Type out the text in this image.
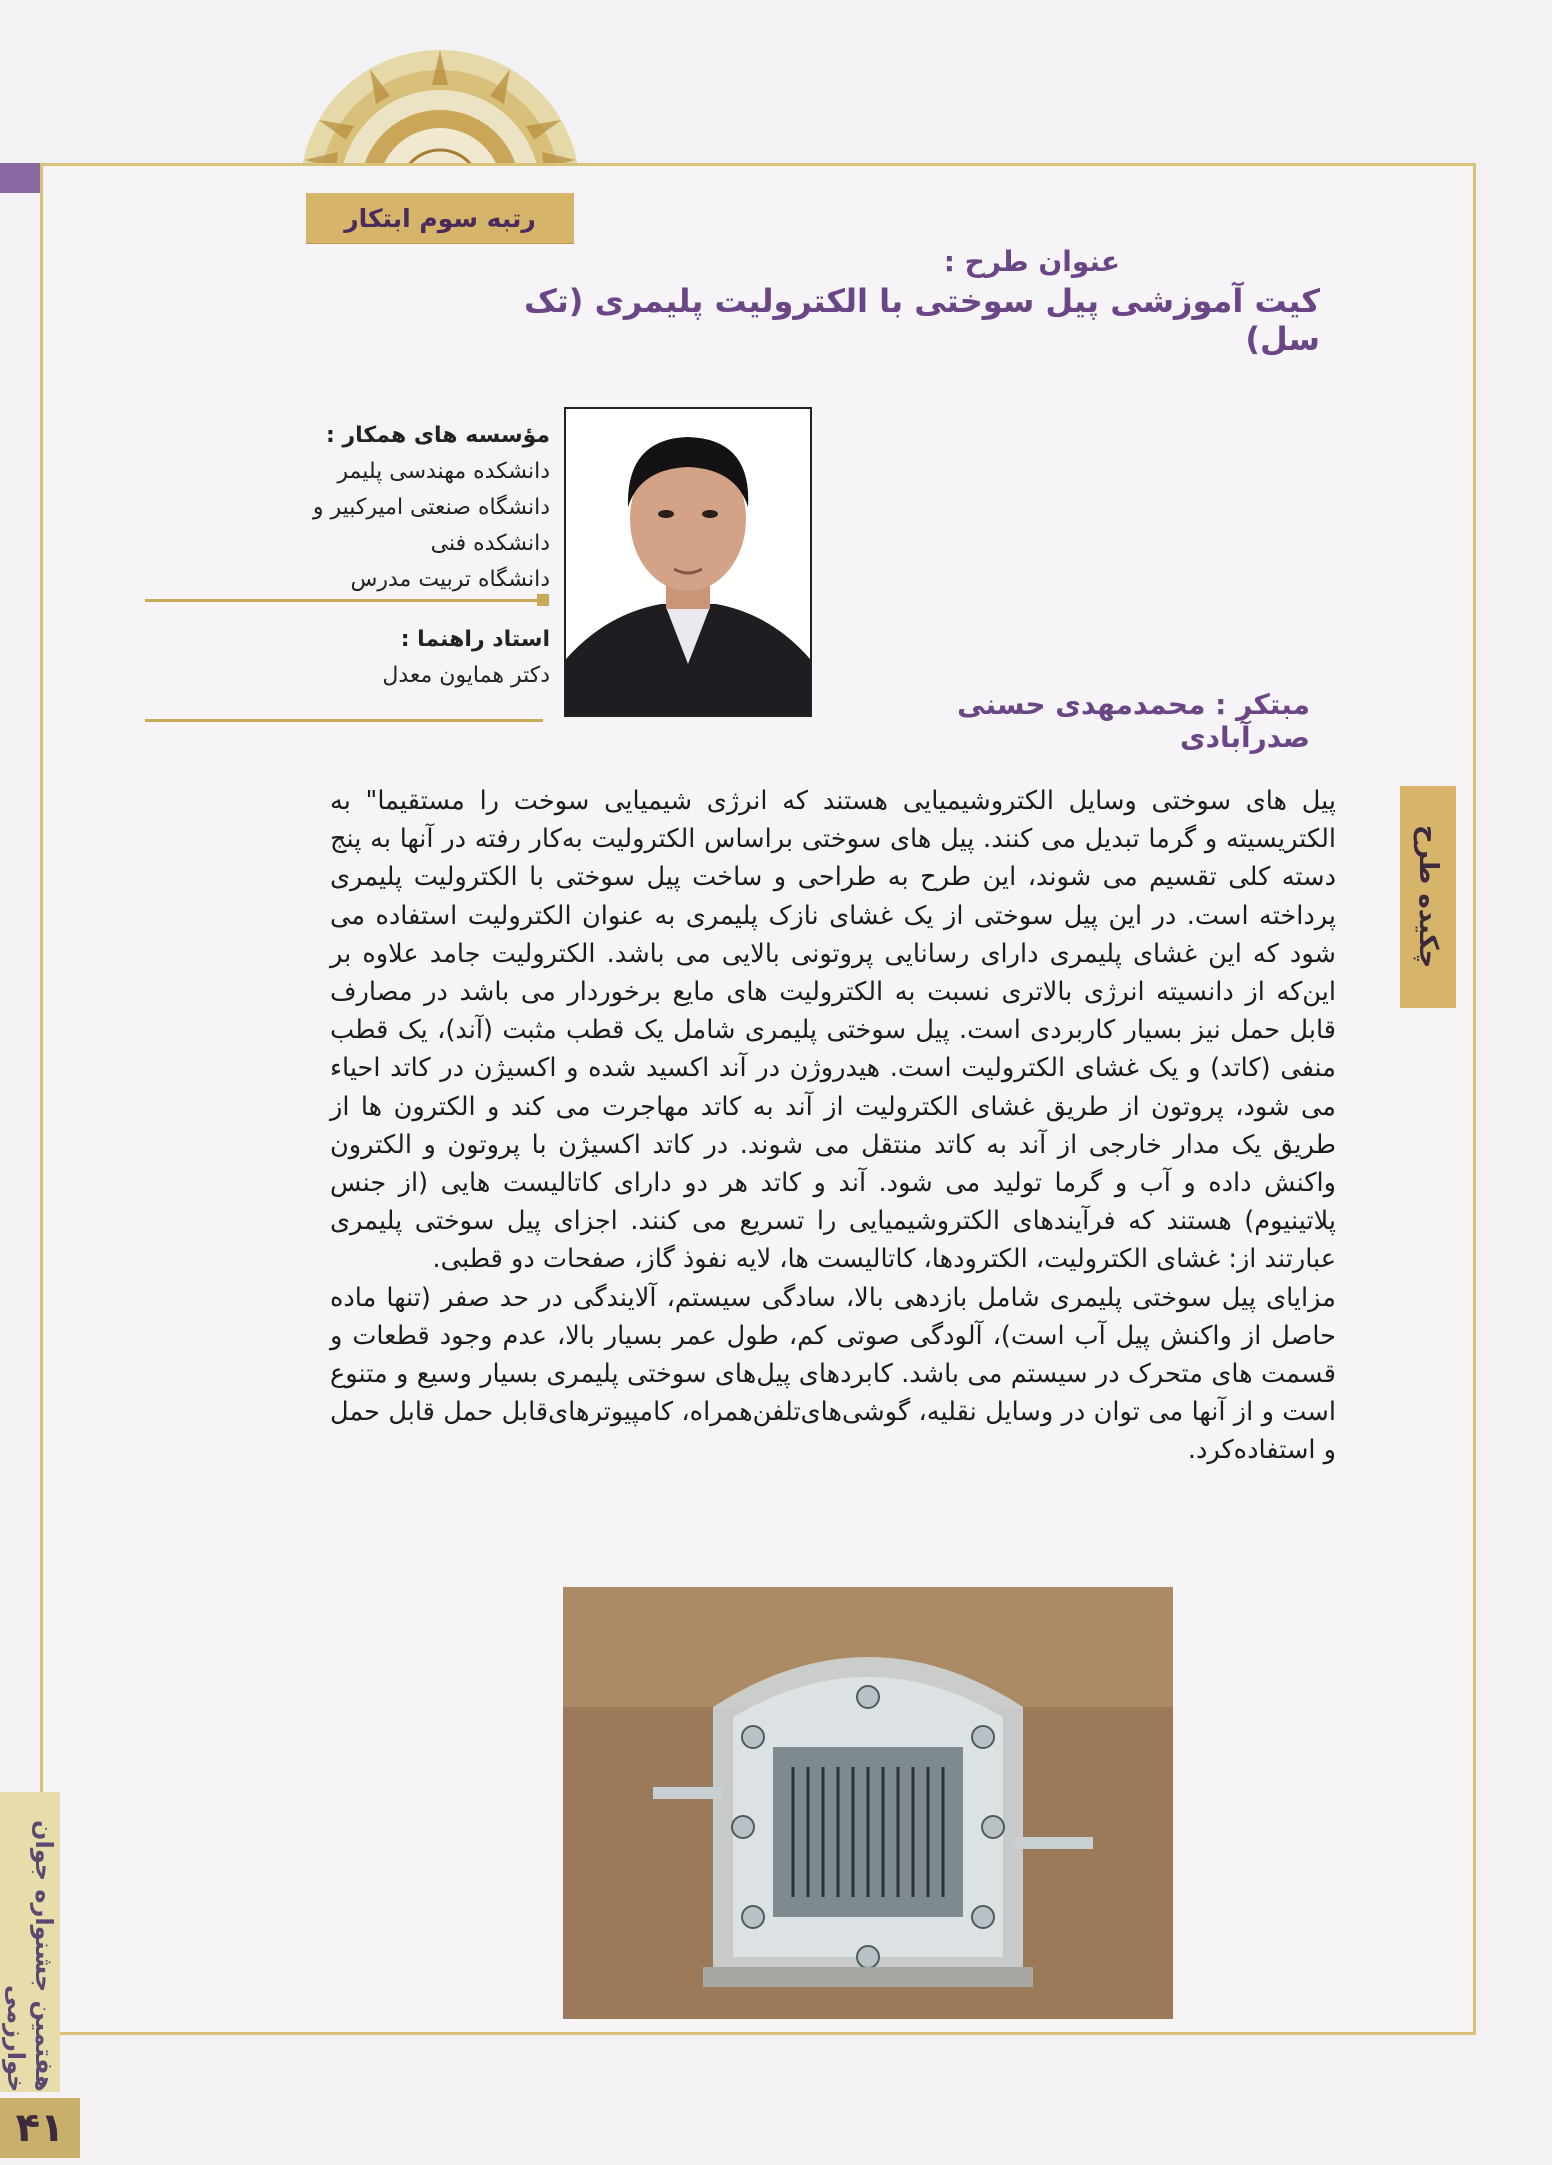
رتبه سوم ابتکار
عنوان طرح :
کیت آموزشی پیل سوختی با الکترولیت پلیمری (تک سل)
مؤسسه های همکار :
دانشکده مهندسی پلیمر
دانشگاه صنعتی امیرکبیر و دانشکده فنی
دانشگاه تربیت مدرس
استاد راهنما :
دکتر همایون معدل
مبتکر : محمدمهدی حسنی صدرآبادی
چکیده طرح

پیل های سوختی وسایل الکتروشیمیایی هستند که انرژی شیمیایی سوخت را مستقیما" به الکتریسیته و گرما تبدیل می کنند. پیل های سوختی براساس الکترولیت به‌کار رفته در آنها به پنج دسته کلی تقسیم می شوند، این طرح به طراحی و ساخت پیل سوختی با الکترولیت پلیمری پرداخته است. در این پیل سوختی از یک غشای نازک پلیمری به عنوان الکترولیت استفاده می شود که این غشای پلیمری دارای رسانایی پروتونی بالایی می باشد. الکترولیت جامد علاوه بر این‌که از دانسیته انرژی بالاتری نسبت به الکترولیت های مایع برخوردار می باشد در مصارف قابل حمل نیز بسیار کاربردی است. پیل سوختی پلیمری شامل یک قطب مثبت (آند)، یک قطب منفی (کاتد) و یک غشای الکترولیت است. هیدروژن در آند اکسید شده و اکسیژن در کاتد احیاء می شود، پروتون از طریق غشای الکترولیت از آند به کاتد مهاجرت می کند و الکترون ها از طریق یک مدار خارجی از آند به کاتد منتقل می شوند. در کاتد اکسیژن با پروتون و الکترون واکنش داده و آب و گرما تولید می شود. آند و کاتد هر دو دارای کاتالیست هایی (از جنس پلاتینیوم) هستند که فرآیندهای الکتروشیمیایی را تسریع می کنند. اجزای پیل سوختی پلیمری عبارتند از: غشای الکترولیت، الکترودها، کاتالیست ها، لایه نفوذ گاز، صفحات دو قطبی.

مزایای پیل سوختی پلیمری شامل بازدهی بالا، سادگی سیستم، آلایندگی در حد صفر (تنها ماده حاصل از واکنش پیل آب است)، آلودگی صوتی کم، طول عمر بسیار بالا، عدم وجود قطعات و قسمت های متحرک در سیستم می باشد. کابردهای پیل‌های سوختی پلیمری بسیار وسیع و متنوع است و از آنها می توان در وسایل نقلیه، گوشی‌های‌تلفن‌همراه، کامپیوترهای‌قابل حمل قابل حمل و استفاده‌کرد.

هفتمین جشنواره جوان خوارزمی
۴۱
